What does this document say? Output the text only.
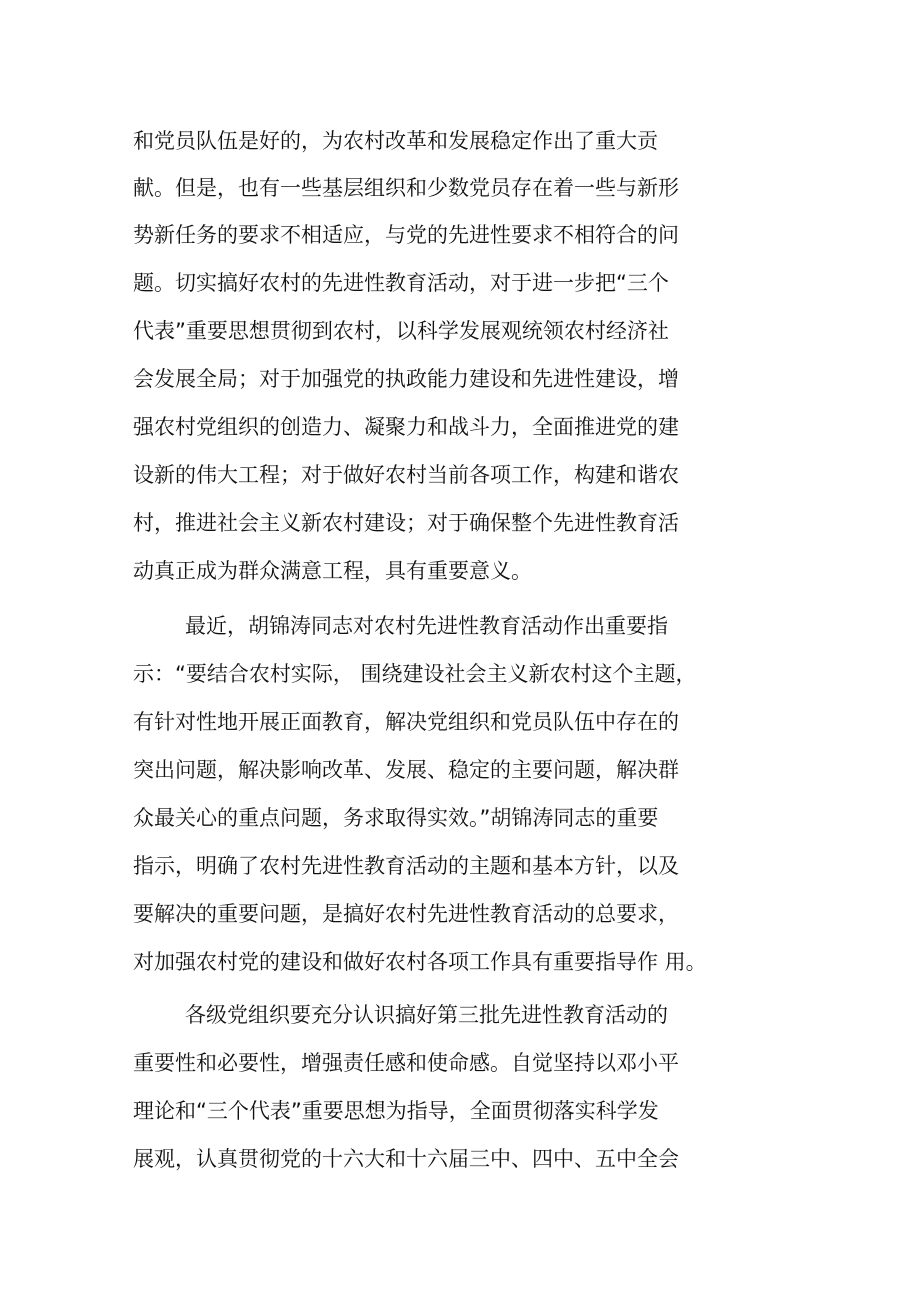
和党员队伍是好的，为农村改革和发展稳定作出了重大贡

献。但是，也有一些基层组织和少数党员存在着一些与新形

势新任务的要求不相适应，与党的先进性要求不相符合的问

题。切实搞好农村的先进性教育活动，对于进一步把“三个

代表”重要思想贯彻到农村，以科学发展观统领农村经济社

会发展全局；对于加强党的执政能力建设和先进性建设，增

强农村党组织的创造力、凝聚力和战斗力，全面推进党的建

设新的伟大工程；对于做好农村当前各项工作，构建和谐农

村，推进社会主义新农村建设；对于确保整个先进性教育活

动真正成为群众满意工程，具有重要意义。

最近，胡锦涛同志对农村先进性教育活动作出重要指

示：“要结合农村实际， 围绕建设社会主义新农村这个主题，

有针对性地开展正面教育，解决党组织和党员队伍中存在的

突出问题，解决影响改革、发展、稳定的主要问题，解决群

众最关心的重点问题，务求取得实效。”胡锦涛同志的重要

指示，明确了农村先进性教育活动的主题和基本方针，以及

要解决的重要问题，是搞好农村先进性教育活动的总要求，

对加强农村党的建设和做好农村各项工作具有重要指导作 用。

各级党组织要充分认识搞好第三批先进性教育活动的

重要性和必要性，增强责任感和使命感。自觉坚持以邓小平

理论和“三个代表”重要思想为指导，全面贯彻落实科学发

展观，认真贯彻党的十六大和十六届三中、四中、五中全会
